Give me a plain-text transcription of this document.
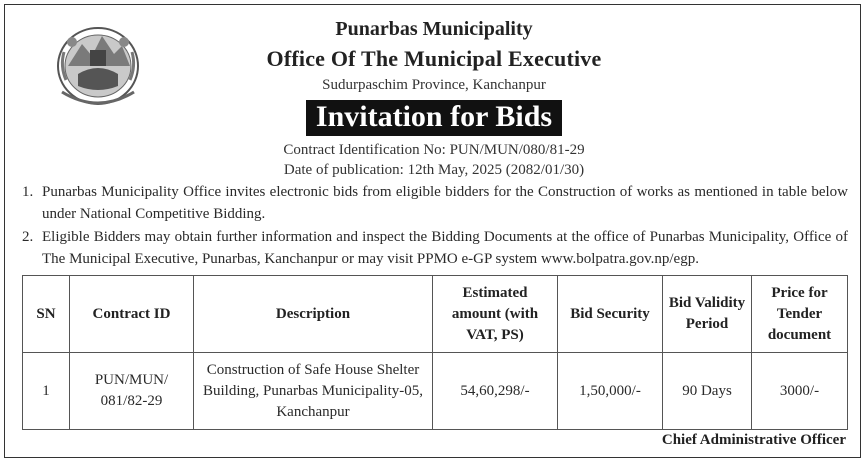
Punarbas Municipality
Office Of The Municipal Executive
Sudurpaschim Province, Kanchanpur
Invitation for Bids
Contract Identification No: PUN/MUN/080/81-29
Date of publication: 12th May, 2025 (2082/01/30)
1. Punarbas Municipality Office invites electronic bids from eligible bidders for the Construction of works as mentioned in table below under National Competitive Bidding.
2. Eligible Bidders may obtain further information and inspect the Bidding Documents at the office of Punarbas Municipality, Office of The Municipal Executive, Punarbas, Kanchanpur or may visit PPMO e-GP system www.bolpatra.gov.np/egp.
SN	Contract ID	Description	Estimated amount (with VAT, PS)	Bid Security	Bid Validity Period	Price for Tender document
1	PUN/MUN/ 081/82-29	Construction of Safe House Shelter Building, Punarbas Municipality-05, Kanchanpur	54,60,298/-	1,50,000/-	90 Days	3000/-
Chief Administrative Officer
